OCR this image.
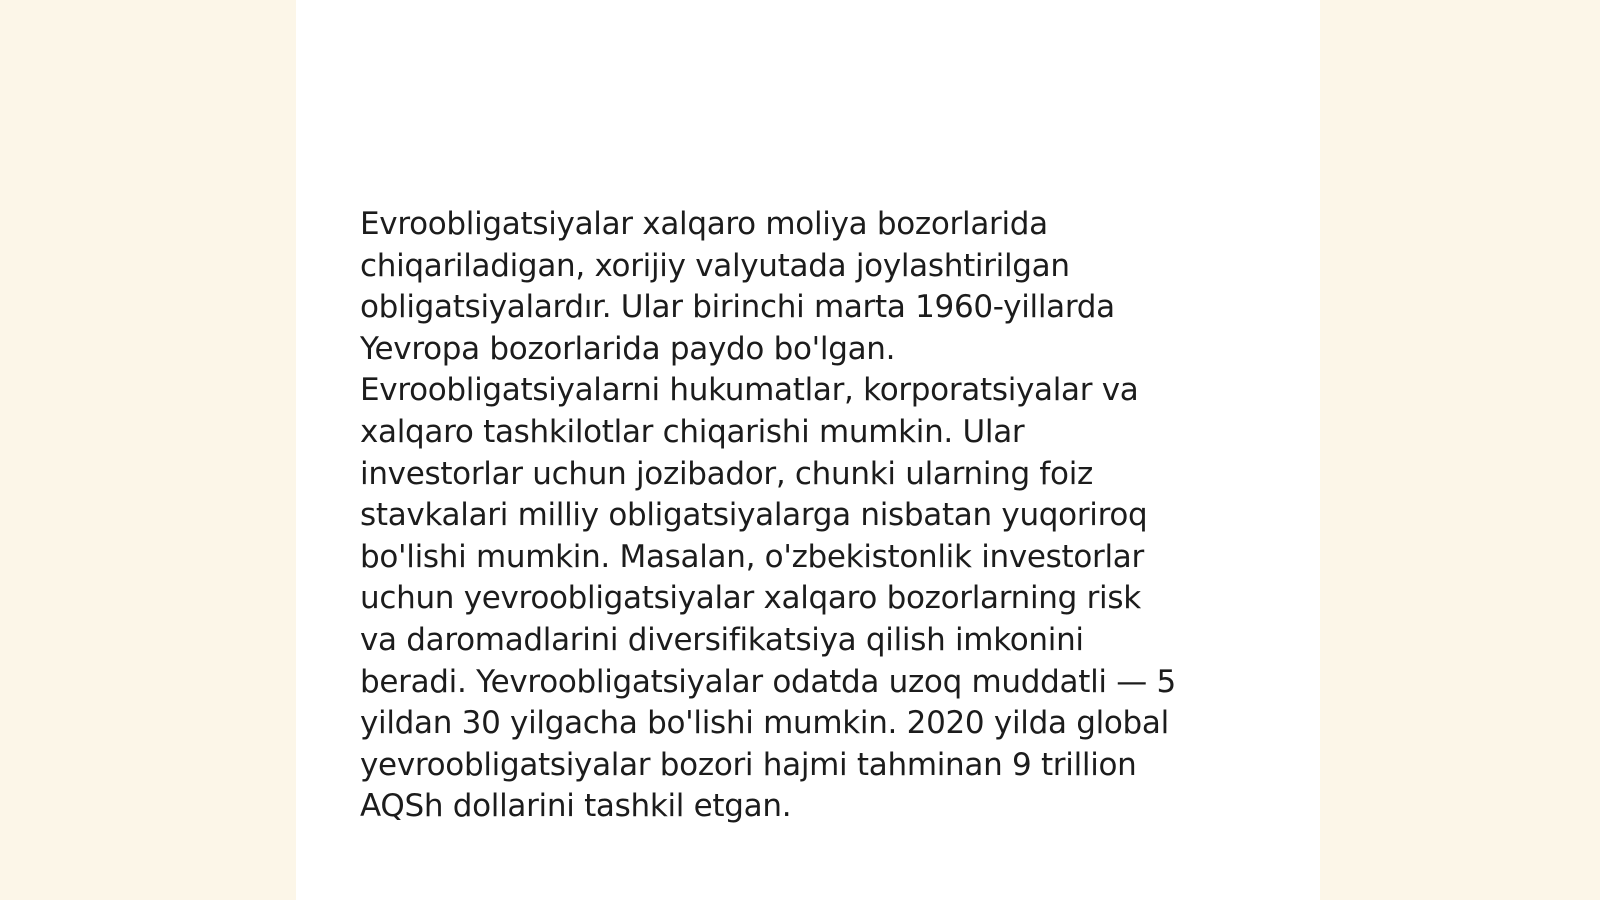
Evroobligatsiyalar xalqaro moliya bozorlarida
chiqariladigan, xorijiy valyutada joylashtirilgan
obligatsiyalardır. Ular birinchi marta 1960-yillarda
Yevropa bozorlarida paydo bo'lgan.
Evroobligatsiyalarni hukumatlar, korporatsiyalar va
xalqaro tashkilotlar chiqarishi mumkin. Ular
investorlar uchun jozibador, chunki ularning foiz
stavkalari milliy obligatsiyalarga nisbatan yuqoriroq
bo'lishi mumkin. Masalan, o'zbekistonlik investorlar
uchun yevroobligatsiyalar xalqaro bozorlarning risk
va daromadlarini diversifikatsiya qilish imkonini
beradi. Yevroobligatsiyalar odatda uzoq muddatli — 5
yildan 30 yilgacha bo'lishi mumkin. 2020 yilda global
yevroobligatsiyalar bozori hajmi tahminan 9 trillion
AQSh dollarini tashkil etgan.
